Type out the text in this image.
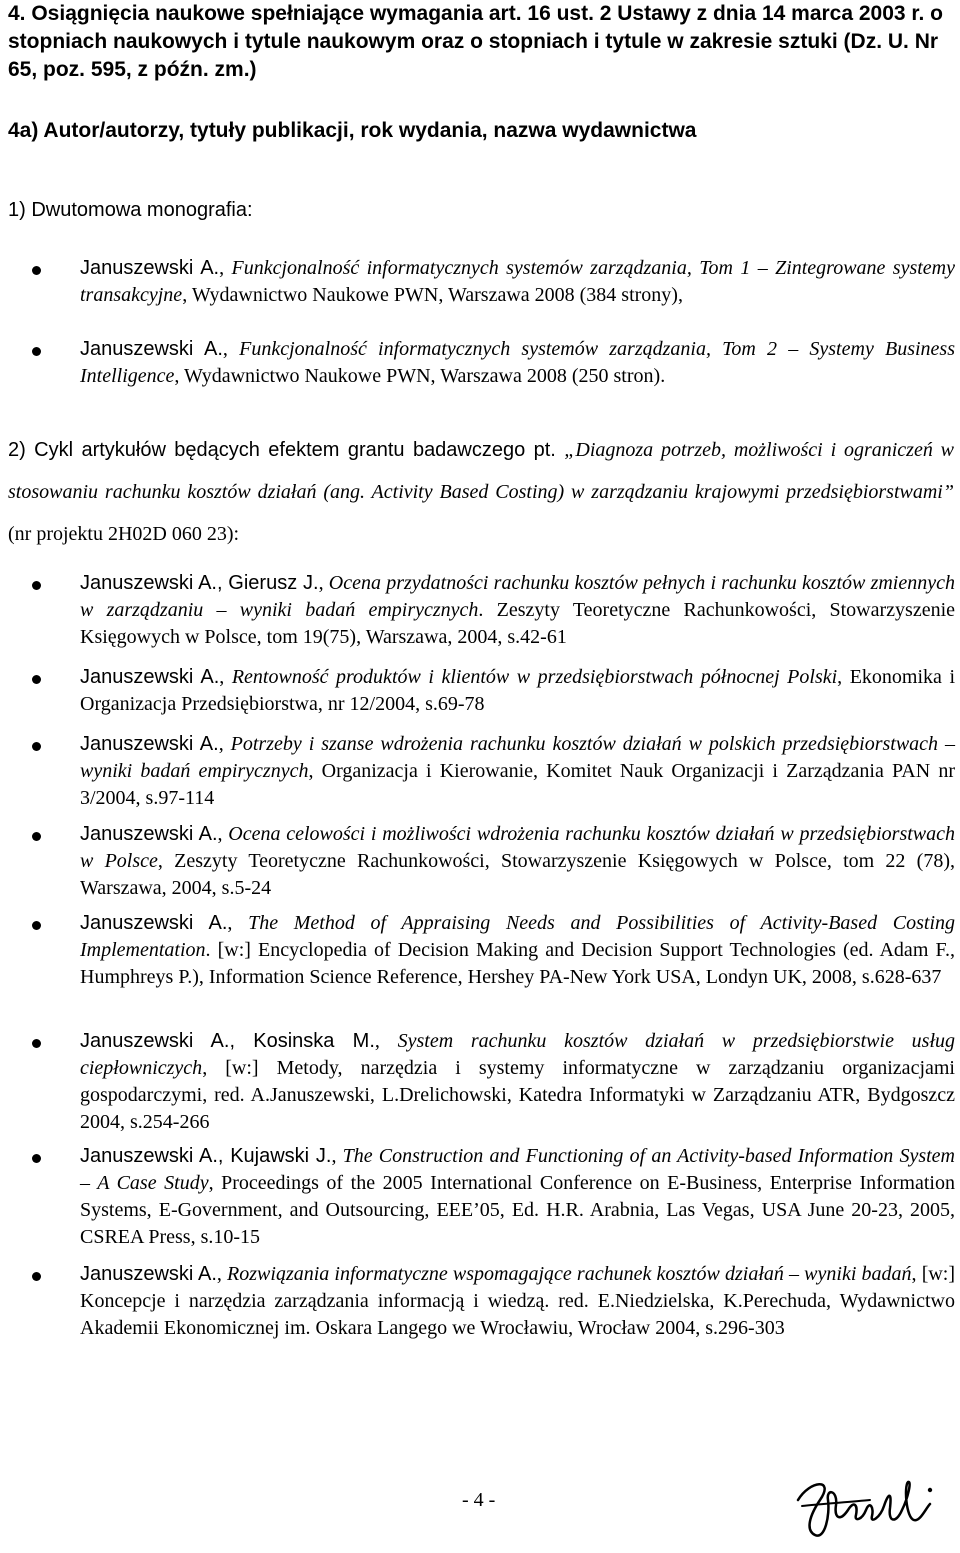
4. Osiągnięcia naukowe spełniające wymagania art. 16 ust. 2 Ustawy z dnia 14 marca 2003 r. o stopniach naukowych i tytule naukowym oraz o stopniach i tytule w zakresie sztuki (Dz. U. Nr 65, poz. 595, z późn. zm.)
4a) Autor/autorzy, tytuły publikacji, rok wydania, nazwa wydawnictwa
1) Dwutomowa monografia:
Januszewski A., Funkcjonalność informatycznych systemów zarządzania, Tom 1 – Zintegrowane systemy transakcyjne, Wydawnictwo Naukowe PWN, Warszawa 2008 (384 strony),
Januszewski A., Funkcjonalność informatycznych systemów zarządzania, Tom 2 – Systemy Business Intelligence, Wydawnictwo Naukowe PWN, Warszawa 2008 (250 stron).
2) Cykl artykułów będących efektem grantu badawczego pt. „Diagnoza potrzeb, możliwości i ograniczeń w stosowaniu rachunku kosztów działań (ang. Activity Based Costing) w zarządzaniu krajowymi przedsiębiorstwami” (nr projektu 2H02D 060 23):
Januszewski A., Gierusz J., Ocena przydatności rachunku kosztów pełnych i rachunku kosztów zmiennych w zarządzaniu – wyniki badań empirycznych. Zeszyty Teoretyczne Rachunkowości, Stowarzyszenie Księgowych w Polsce, tom 19(75), Warszawa, 2004, s.42-61
Januszewski A., Rentowność produktów i klientów w przedsiębiorstwach północnej Polski, Ekonomika i Organizacja Przedsiębiorstwa, nr 12/2004, s.69-78
Januszewski A., Potrzeby i szanse wdrożenia rachunku kosztów działań w polskich przedsiębiorstwach – wyniki badań empirycznych, Organizacja i Kierowanie, Komitet Nauk Organizacji i Zarządzania PAN nr 3/2004, s.97-114
Januszewski A., Ocena celowości i możliwości wdrożenia rachunku kosztów działań w przedsiębiorstwach w Polsce, Zeszyty Teoretyczne Rachunkowości, Stowarzyszenie Księgowych w Polsce, tom 22 (78), Warszawa, 2004, s.5-24
Januszewski A., The Method of Appraising Needs and Possibilities of Activity-Based Costing Implementation. [w:] Encyclopedia of Decision Making and Decision Support Technologies (ed. Adam F., Humphreys P.), Information Science Reference, Hershey PA-New York USA, Londyn UK, 2008, s.628-637
Januszewski A., Kosinska M., System rachunku kosztów działań w przedsiębiorstwie usług ciepłowniczych, [w:] Metody, narzędzia i systemy informatyczne w zarządzaniu organizacjami gospodarczymi, red. A.Januszewski, L.Drelichowski, Katedra Informatyki w Zarządzaniu ATR, Bydgoszcz 2004, s.254-266
Januszewski A., Kujawski J., The Construction and Functioning of an Activity-based Information System – A Case Study, Proceedings of the 2005 International Conference on E-Business, Enterprise Information Systems, E-Government, and Outsourcing, EEE’05, Ed. H.R. Arabnia, Las Vegas, USA June 20-23, 2005, CSREA Press, s.10-15
Januszewski A., Rozwiązania informatyczne wspomagające rachunek kosztów działań – wyniki badań, [w:] Koncepcje i narzędzia zarządzania informacją i wiedzą. red. E.Niedzielska, K.Perechuda, Wydawnictwo Akademii Ekonomicznej im. Oskara Langego we Wrocławiu, Wrocław 2004, s.296-303
- 4 -
